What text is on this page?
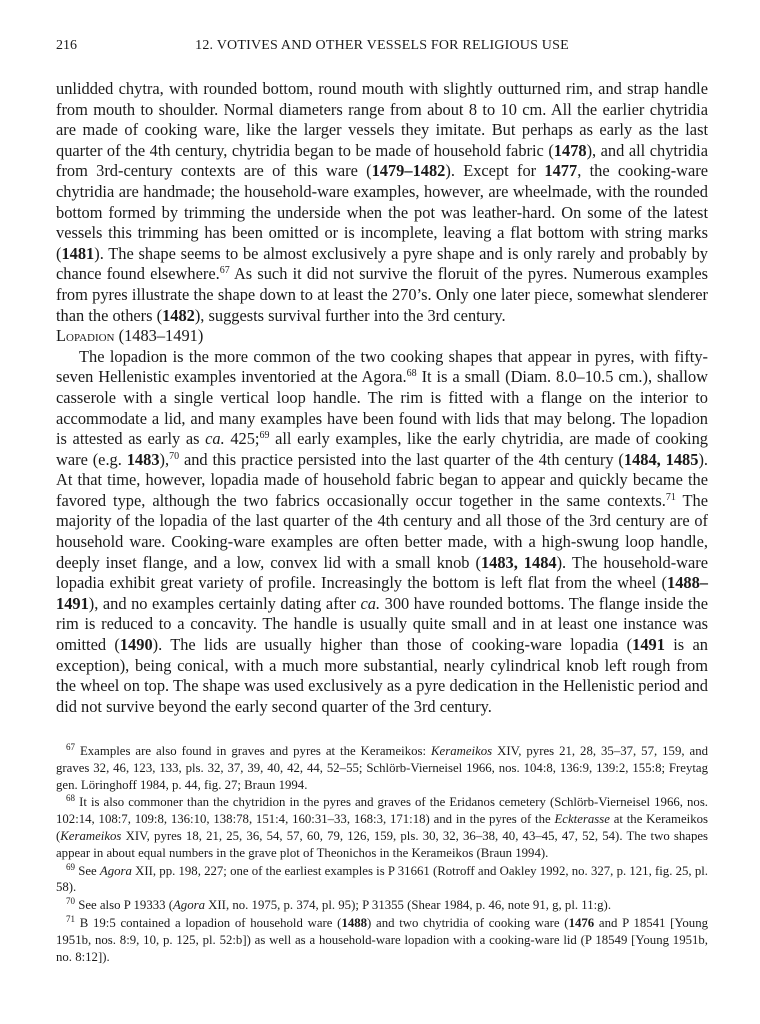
216	12. VOTIVES AND OTHER VESSELS FOR RELIGIOUS USE

unlidded chytra, with rounded bottom, round mouth with slightly outturned rim, and strap handle from mouth to shoulder. Normal diameters range from about 8 to 10 cm. All the earlier chytridia are made of cooking ware, like the larger vessels they imitate. But perhaps as early as the last quarter of the 4th century, chytridia began to be made of household fabric (1478), and all chytridia from 3rd-century contexts are of this ware (1479–1482). Except for 1477, the cooking-ware chytridia are handmade; the household-ware examples, however, are wheelmade, with the rounded bottom formed by trimming the underside when the pot was leather-hard. On some of the latest vessels this trimming has been omitted or is incomplete, leaving a flat bottom with string marks (1481). The shape seems to be almost exclusively a pyre shape and is only rarely and probably by chance found elsewhere.$^{67}$ As such it did not survive the floruit of the pyres. Numerous examples from pyres illustrate the shape down to at least the 270’s. Only one later piece, somewhat slenderer than the others (1482), suggests survival further into the 3rd century.

Lopadion (1483–1491)

The lopadion is the more common of the two cooking shapes that appear in pyres, with fifty-seven Hellenistic examples inventoried at the Agora.$^{68}$ It is a small (Diam. 8.0–10.5 cm.), shallow casserole with a single vertical loop handle. The rim is fitted with a flange on the interior to accommodate a lid, and many examples have been found with lids that may belong. The lopadion is attested as early as ca. 425;$^{69}$ all early examples, like the early chytridia, are made of cooking ware (e.g. 1483),$^{70}$ and this practice persisted into the last quarter of the 4th century (1484, 1485). At that time, however, lopadia made of household fabric began to appear and quickly became the favored type, although the two fabrics occasionally occur together in the same contexts.$^{71}$ The majority of the lopadia of the last quarter of the 4th century and all those of the 3rd century are of household ware. Cooking-ware examples are often better made, with a high-swung loop handle, deeply inset flange, and a low, convex lid with a small knob (1483, 1484). The household-ware lopadia exhibit great variety of profile. Increasingly the bottom is left flat from the wheel (1488–1491), and no examples certainly dating after ca. 300 have rounded bottoms. The flange inside the rim is reduced to a concavity. The handle is usually quite small and in at least one instance was omitted (1490). The lids are usually higher than those of cooking-ware lopadia (1491 is an exception), being conical, with a much more substantial, nearly cylindrical knob left rough from the wheel on top. The shape was used exclusively as a pyre dedication in the Hellenistic period and did not survive beyond the early second quarter of the 3rd century.

$^{67}$ Examples are also found in graves and pyres at the Kerameikos: Kerameikos XIV, pyres 21, 28, 35–37, 57, 159, and graves 32, 46, 123, 133, pls. 32, 37, 39, 40, 42, 44, 52–55; Schlörb-Vierneisel 1966, nos. 104:8, 136:9, 139:2, 155:8; Freytag gen. Löringhoff 1984, p. 44, fig. 27; Braun 1994.

$^{68}$ It is also commoner than the chytridion in the pyres and graves of the Eridanos cemetery (Schlörb-Vierneisel 1966, nos. 102:14, 108:7, 109:8, 136:10, 138:78, 151:4, 160:31–33, 168:3, 171:18) and in the pyres of the Eckterasse at the Kerameikos (Kerameikos XIV, pyres 18, 21, 25, 36, 54, 57, 60, 79, 126, 159, pls. 30, 32, 36–38, 40, 43–45, 47, 52, 54). The two shapes appear in about equal numbers in the grave plot of Theonichos in the Kerameikos (Braun 1994).

$^{69}$ See Agora XII, pp. 198, 227; one of the earliest examples is P 31661 (Rotroff and Oakley 1992, no. 327, p. 121, fig. 25, pl. 58).

$^{70}$ See also P 19333 (Agora XII, no. 1975, p. 374, pl. 95); P 31355 (Shear 1984, p. 46, note 91, g, pl. 11:g).

$^{71}$ B 19:5 contained a lopadion of household ware (1488) and two chytridia of cooking ware (1476 and P 18541 [Young 1951b, nos. 8:9, 10, p. 125, pl. 52:b]) as well as a household-ware lopadion with a cooking-ware lid (P 18549 [Young 1951b, no. 8:12]).
